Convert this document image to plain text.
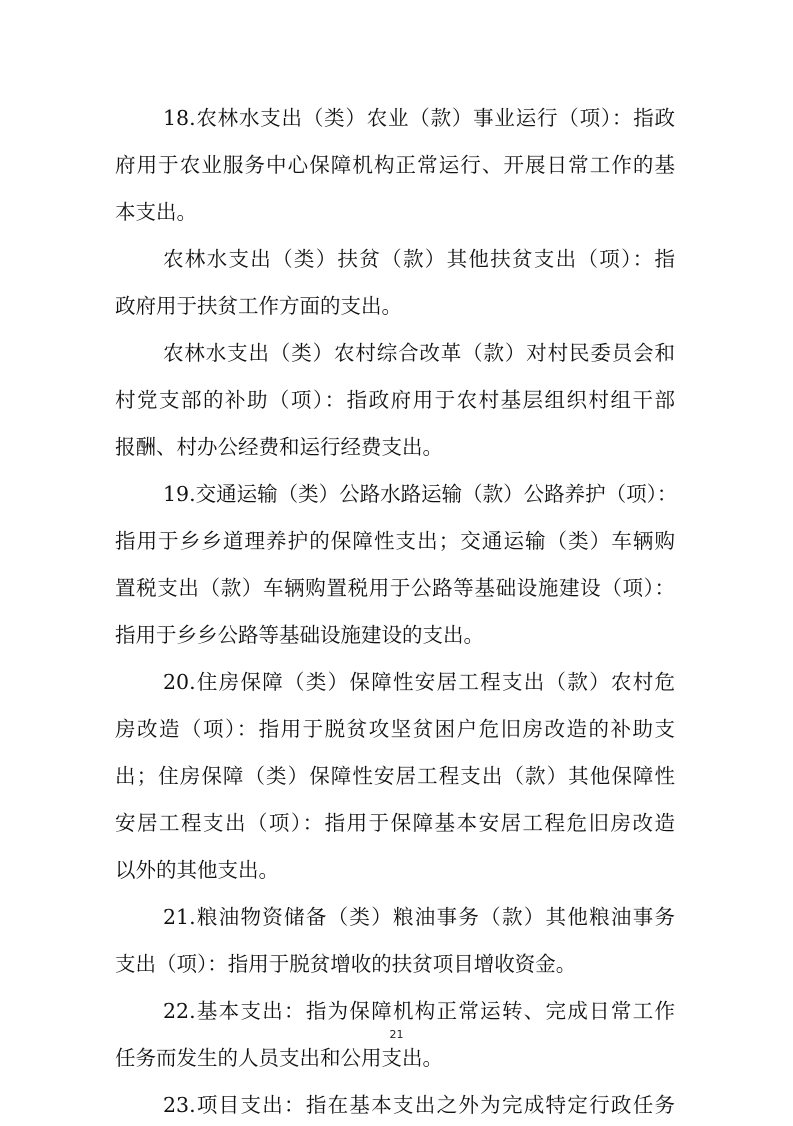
18.农林水支出（类）农业（款）事业运行（项）：指政
府用于农业服务中心保障机构正常运行、开展日常工作的基
本支出。
农林水支出（类）扶贫（款）其他扶贫支出（项）：指
政府用于扶贫工作方面的支出。
农林水支出（类）农村综合改革（款）对村民委员会和
村党支部的补助（项）：指政府用于农村基层组织村组干部
报酬、村办公经费和运行经费支出。
19.交通运输（类）公路水路运输（款）公路养护（项）：
指用于乡乡道理养护的保障性支出；交通运输（类）车辆购
置税支出（款）车辆购置税用于公路等基础设施建设（项）：
指用于乡乡公路等基础设施建设的支出。
20.住房保障（类）保障性安居工程支出（款）农村危
房改造（项）：指用于脱贫攻坚贫困户危旧房改造的补助支
出；住房保障（类）保障性安居工程支出（款）其他保障性
安居工程支出（项）：指用于保障基本安居工程危旧房改造
以外的其他支出。
21.粮油物资储备（类）粮油事务（款）其他粮油事务
支出（项）：指用于脱贫增收的扶贫项目增收资金。
22.基本支出：指为保障机构正常运转、完成日常工作
任务而发生的人员支出和公用支出。
23.项目支出：指在基本支出之外为完成特定行政任务
21
